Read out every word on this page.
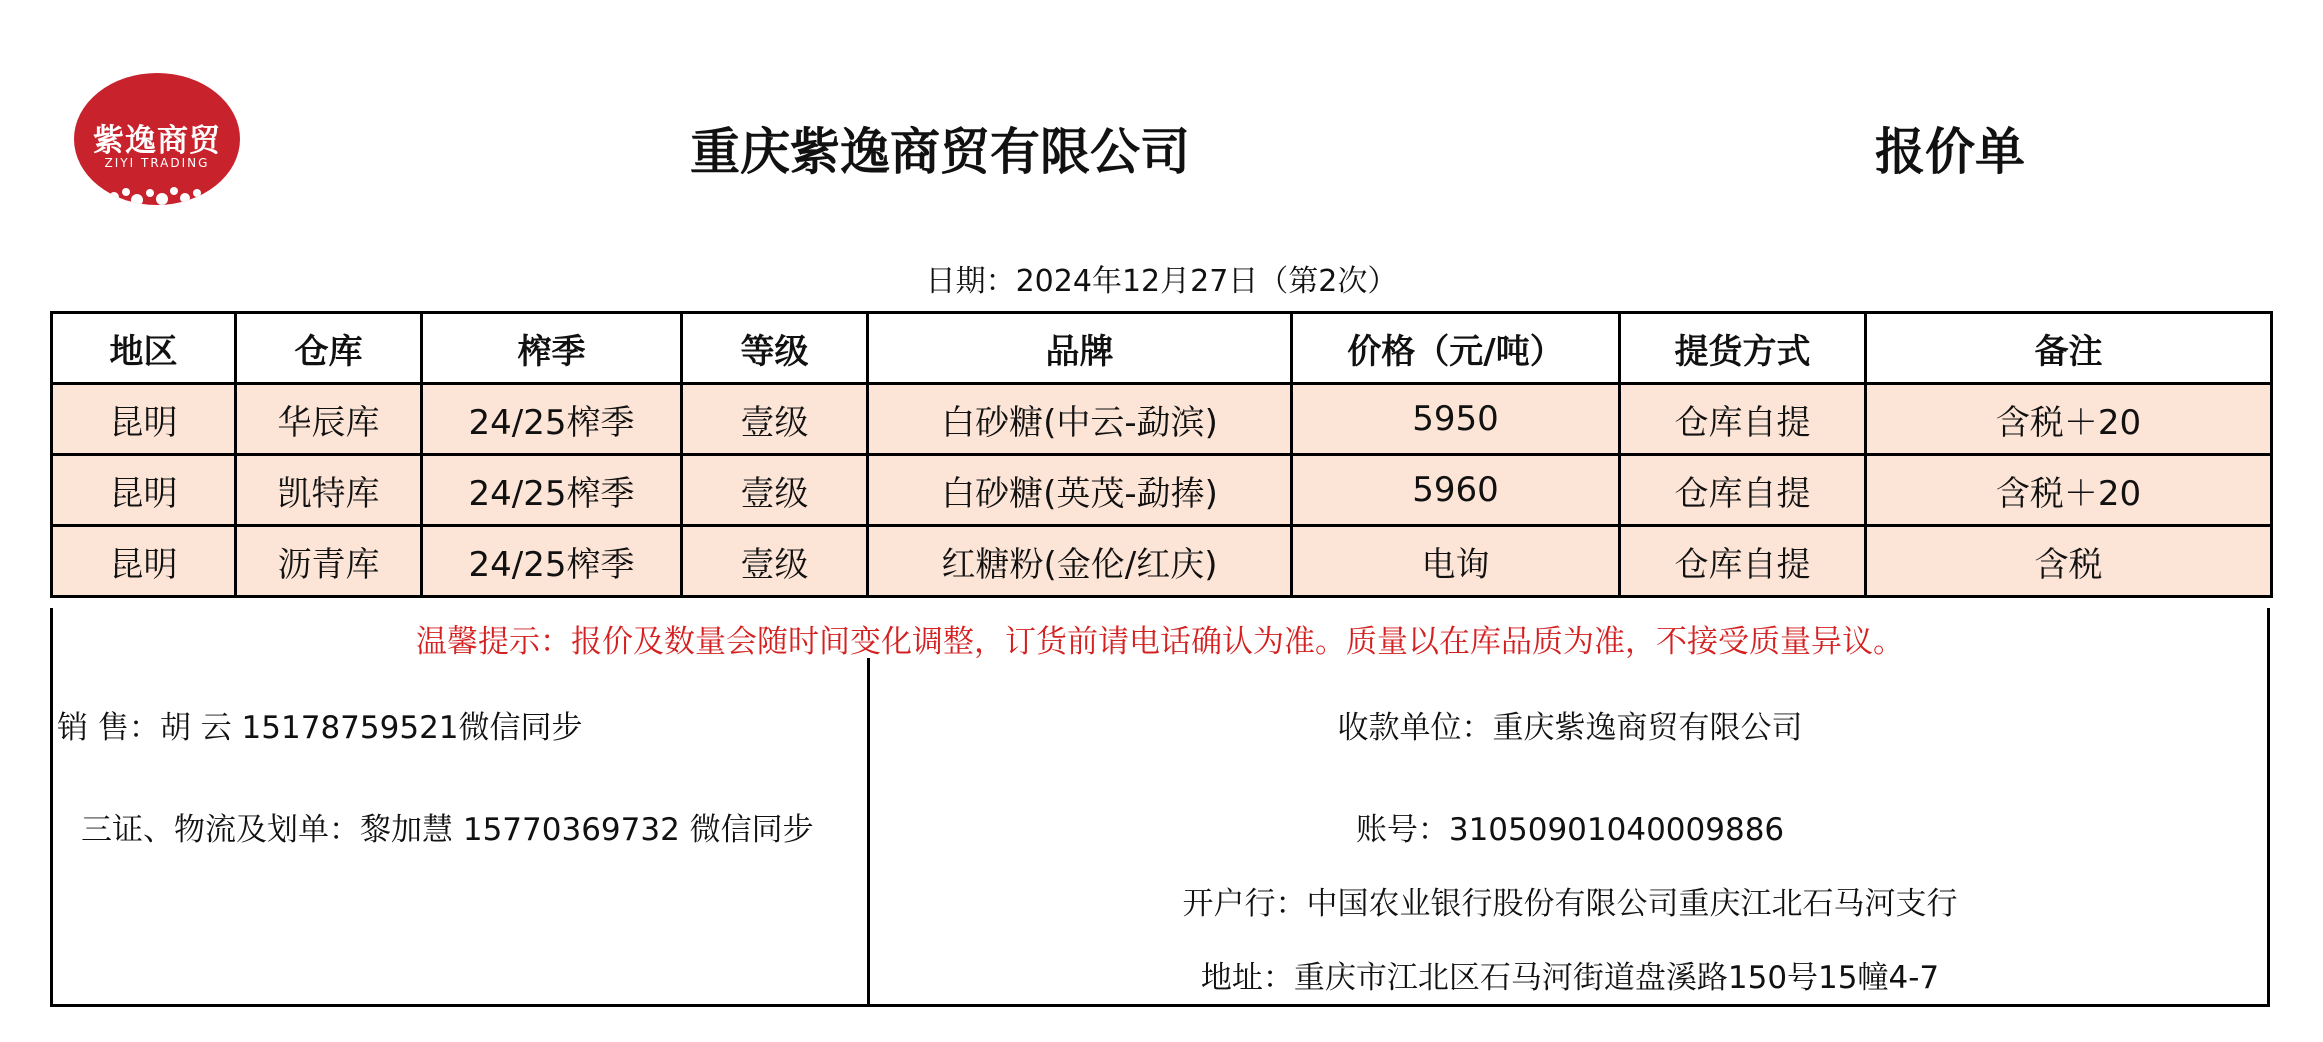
紫逸商贸
ZIYI TRADING	重庆紫逸商贸有限公司	报价单
日期：2024年12月27日（第2次）
地区	仓库	榨季	等级	品牌	价格（元/吨）	提货方式	备注
昆明	华辰库	24/25榨季	壹级	白砂糖(中云-勐滨)	5950	仓库自提	含税＋20
昆明	凯特库	24/25榨季	壹级	白砂糖(英茂-勐捧)	5960	仓库自提	含税＋20
昆明	沥青库	24/25榨季	壹级	红糖粉(金伦/红庆)	电询	仓库自提	含税
温馨提示：报价及数量会随时间变化调整，订货前请电话确认为准。质量以在库品质为准，不接受质量异议。
销 售：胡 云 15178759521微信同步
三证、物流及划单：黎加慧 15770369732 微信同步
收款单位：重庆紫逸商贸有限公司
账号：31050901040009886
开户行：中国农业银行股份有限公司重庆江北石马河支行
地址：重庆市江北区石马河街道盘溪路150号15幢4-7
